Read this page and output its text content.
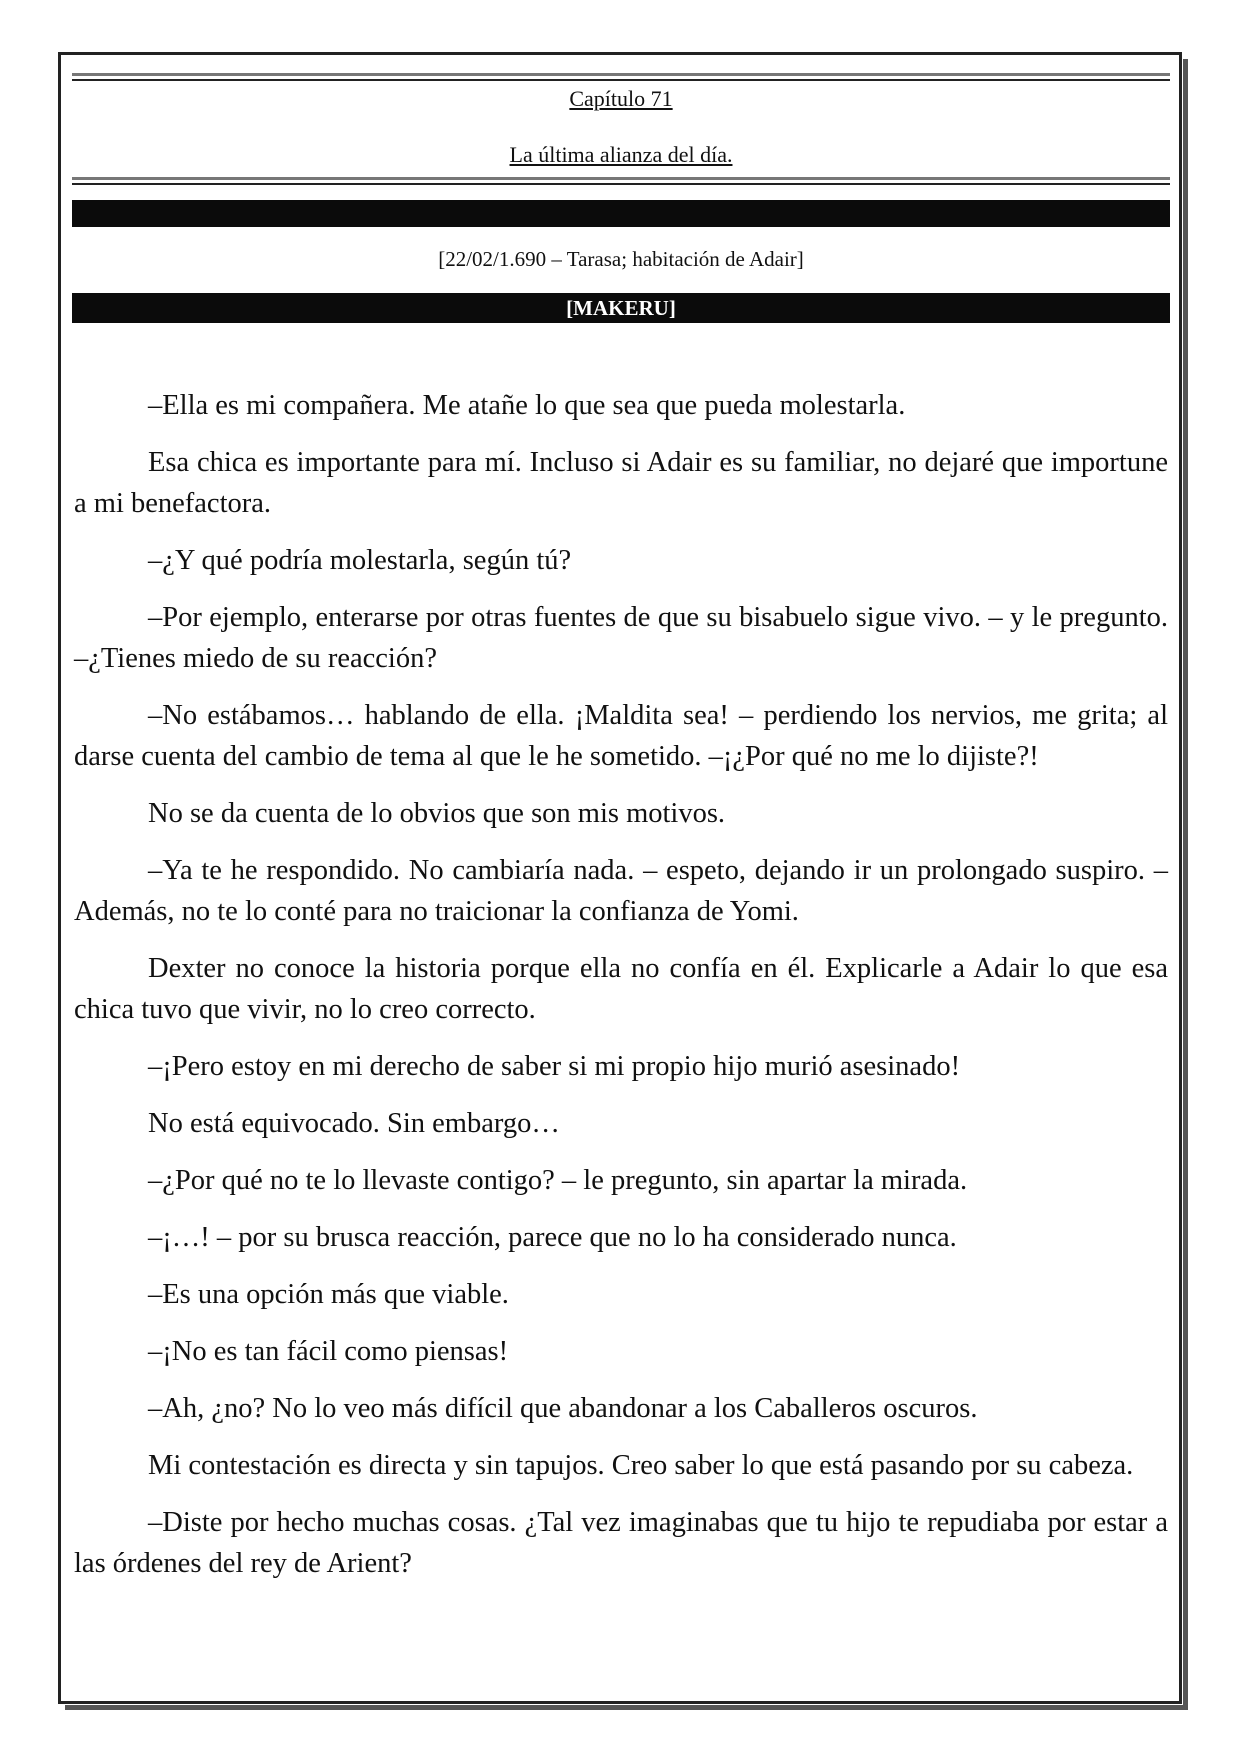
Capítulo 71
La última alianza del día.
[22/02/1.690 – Tarasa; habitación de Adair]
[MAKERU]

–Ella es mi compañera. Me atañe lo que sea que pueda molestarla.

Esa chica es importante para mí. Incluso si Adair es su familiar, no dejaré que importune a mi benefactora.

–¿Y qué podría molestarla, según tú?

–Por ejemplo, enterarse por otras fuentes de que su bisabuelo sigue vivo. – y le pregunto. –¿Tienes miedo de su reacción?

–No estábamos… hablando de ella. ¡Maldita sea! – perdiendo los nervios, me grita; al darse cuenta del cambio de tema al que le he sometido. –¡¿Por qué no me lo dijiste?!

No se da cuenta de lo obvios que son mis motivos.

–Ya te he respondido. No cambiaría nada. – espeto, dejando ir un prolongado suspiro. –Además, no te lo conté para no traicionar la confianza de Yomi.

Dexter no conoce la historia porque ella no confía en él. Explicarle a Adair lo que esa chica tuvo que vivir, no lo creo correcto.

–¡Pero estoy en mi derecho de saber si mi propio hijo murió asesinado!

No está equivocado. Sin embargo…

–¿Por qué no te lo llevaste contigo? – le pregunto, sin apartar la mirada.

–¡…! – por su brusca reacción, parece que no lo ha considerado nunca.

–Es una opción más que viable.

–¡No es tan fácil como piensas!

–Ah, ¿no? No lo veo más difícil que abandonar a los Caballeros oscuros.

Mi contestación es directa y sin tapujos. Creo saber lo que está pasando por su cabeza.

–Diste por hecho muchas cosas. ¿Tal vez imaginabas que tu hijo te repudiaba por estar a las órdenes del rey de Arient?
